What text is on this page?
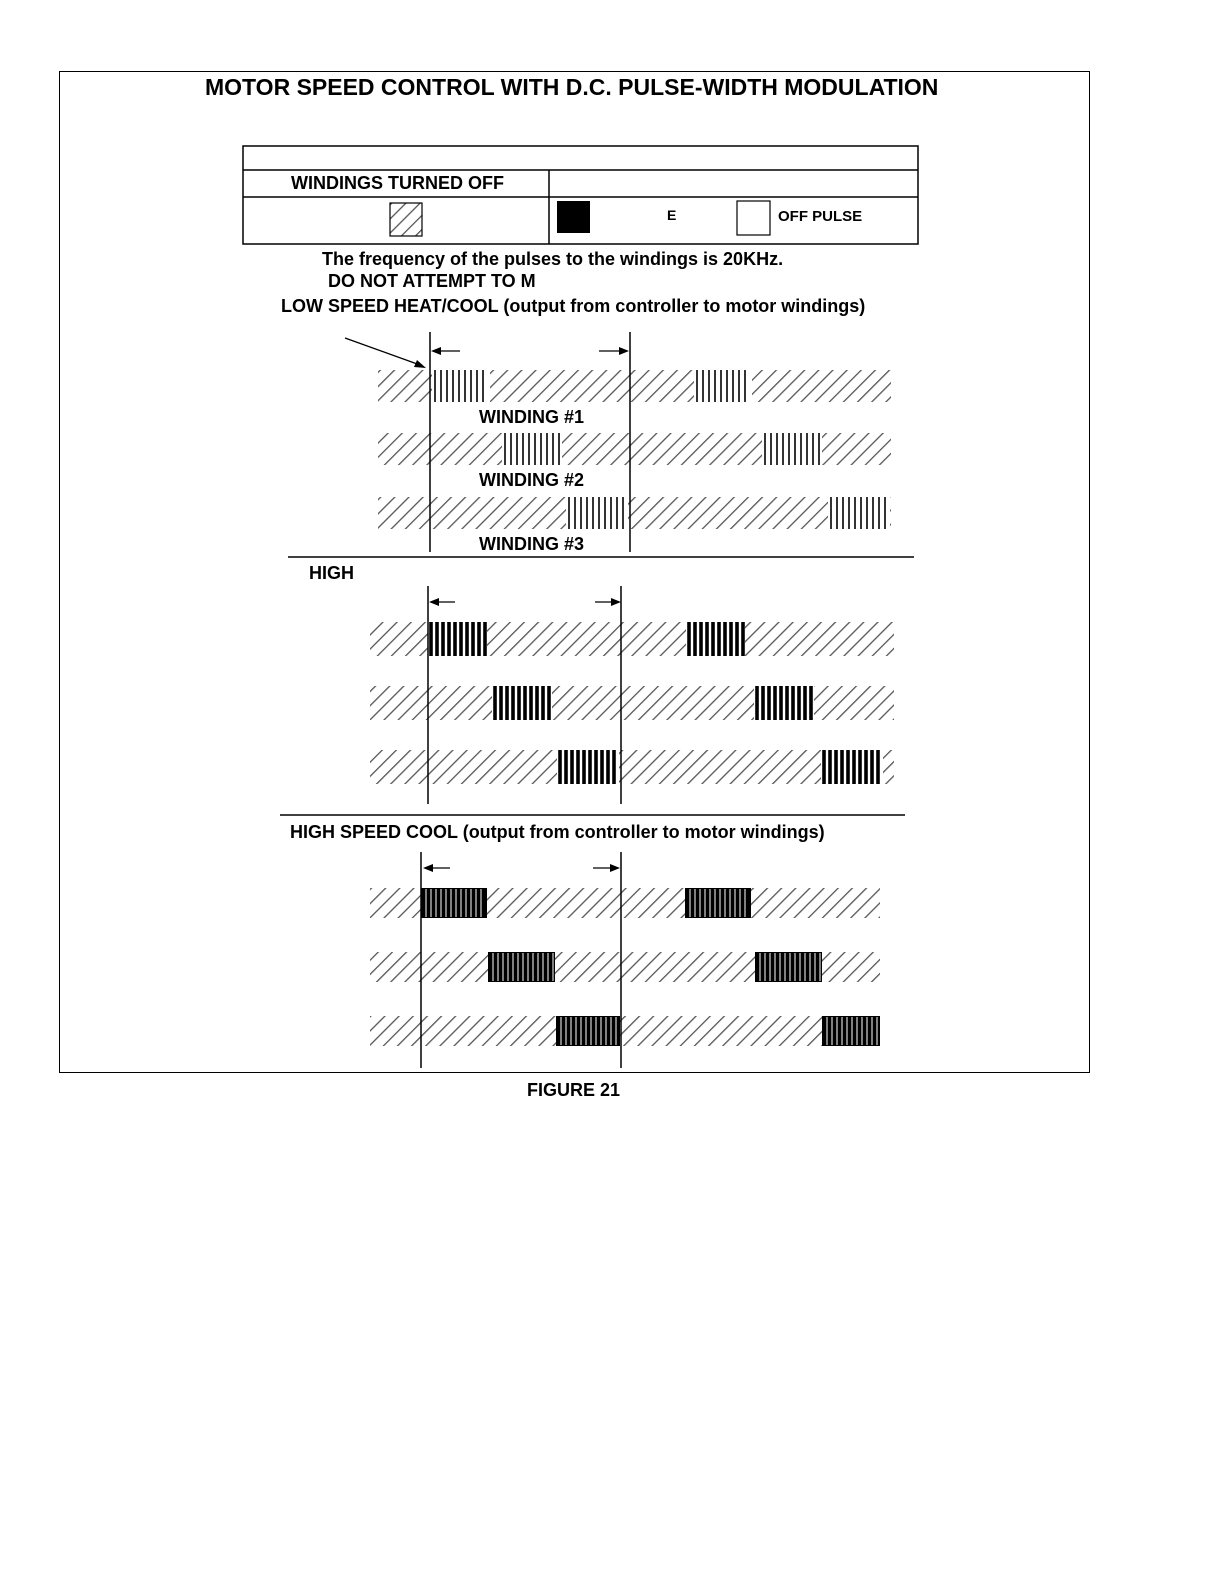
MOTOR SPEED CONTROL WITH D.C. PULSE-WIDTH MODULATION
WINDINGS TURNED OFF
E	OFF PULSE
The frequency of the pulses to the windings is 20KHz.
DO NOT ATTEMPT TO M
LOW SPEED HEAT/COOL (output from controller to motor windings)
HIGH
HIGH SPEED COOL (output from controller to motor windings)
WINDING #1
WINDING #2
WINDING #3
FIGURE 21
